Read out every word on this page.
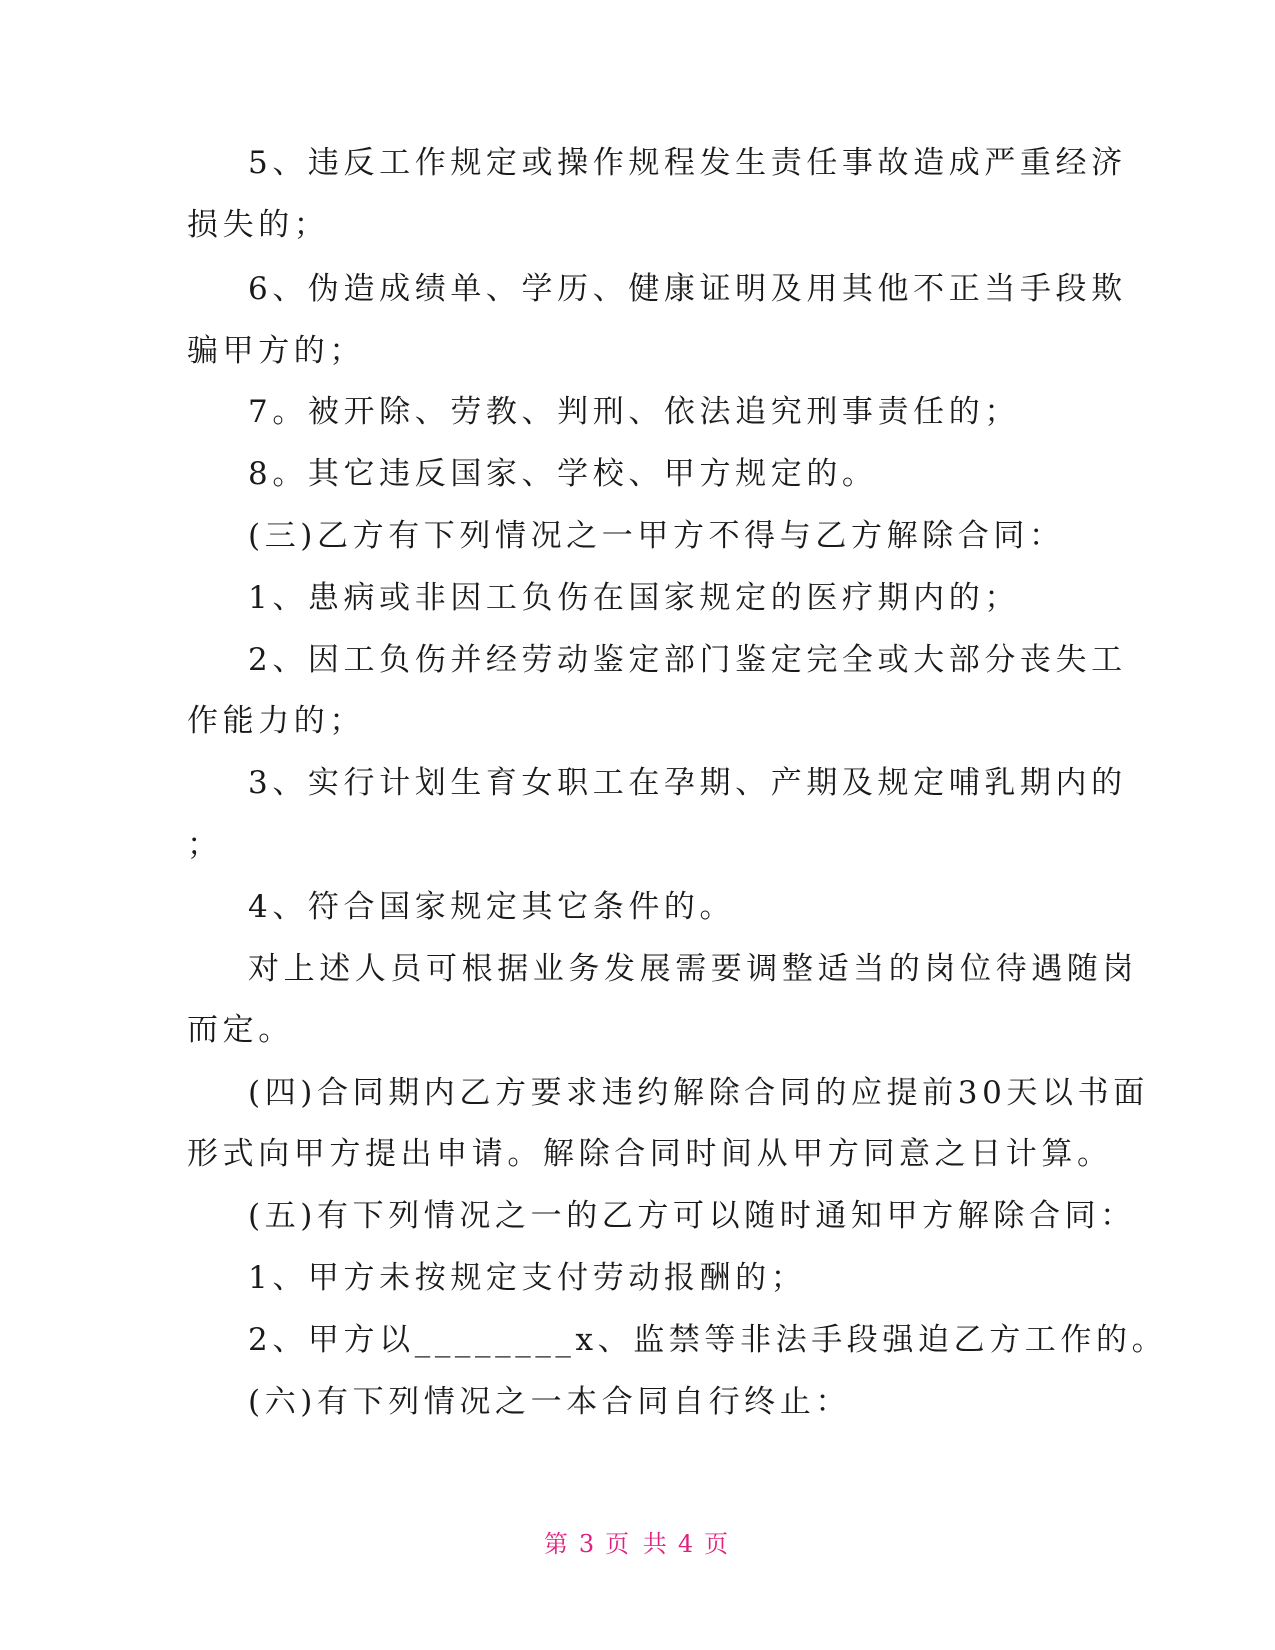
5、违反工作规定或操作规程发生责任事故造成严重经济
损失的；
6、伪造成绩单、学历、健康证明及用其他不正当手段欺
骗甲方的；
7。被开除、劳教、判刑、依法追究刑事责任的；
8。其它违反国家、学校、甲方规定的。
(三)乙方有下列情况之一甲方不得与乙方解除合同：
1、患病或非因工负伤在国家规定的医疗期内的；
2、因工负伤并经劳动鉴定部门鉴定完全或大部分丧失工
作能力的；
3、实行计划生育女职工在孕期、产期及规定哺乳期内的
；
4、符合国家规定其它条件的。
对上述人员可根据业务发展需要调整适当的岗位待遇随岗
而定。
(四)合同期内乙方要求违约解除合同的应提前30天以书面
形式向甲方提出申请。解除合同时间从甲方同意之日计算。
(五)有下列情况之一的乙方可以随时通知甲方解除合同：
1、甲方未按规定支付劳动报酬的；
2、甲方以________x、监禁等非法手段强迫乙方工作的。
(六)有下列情况之一本合同自行终止：
第 3 页 共 4 页
